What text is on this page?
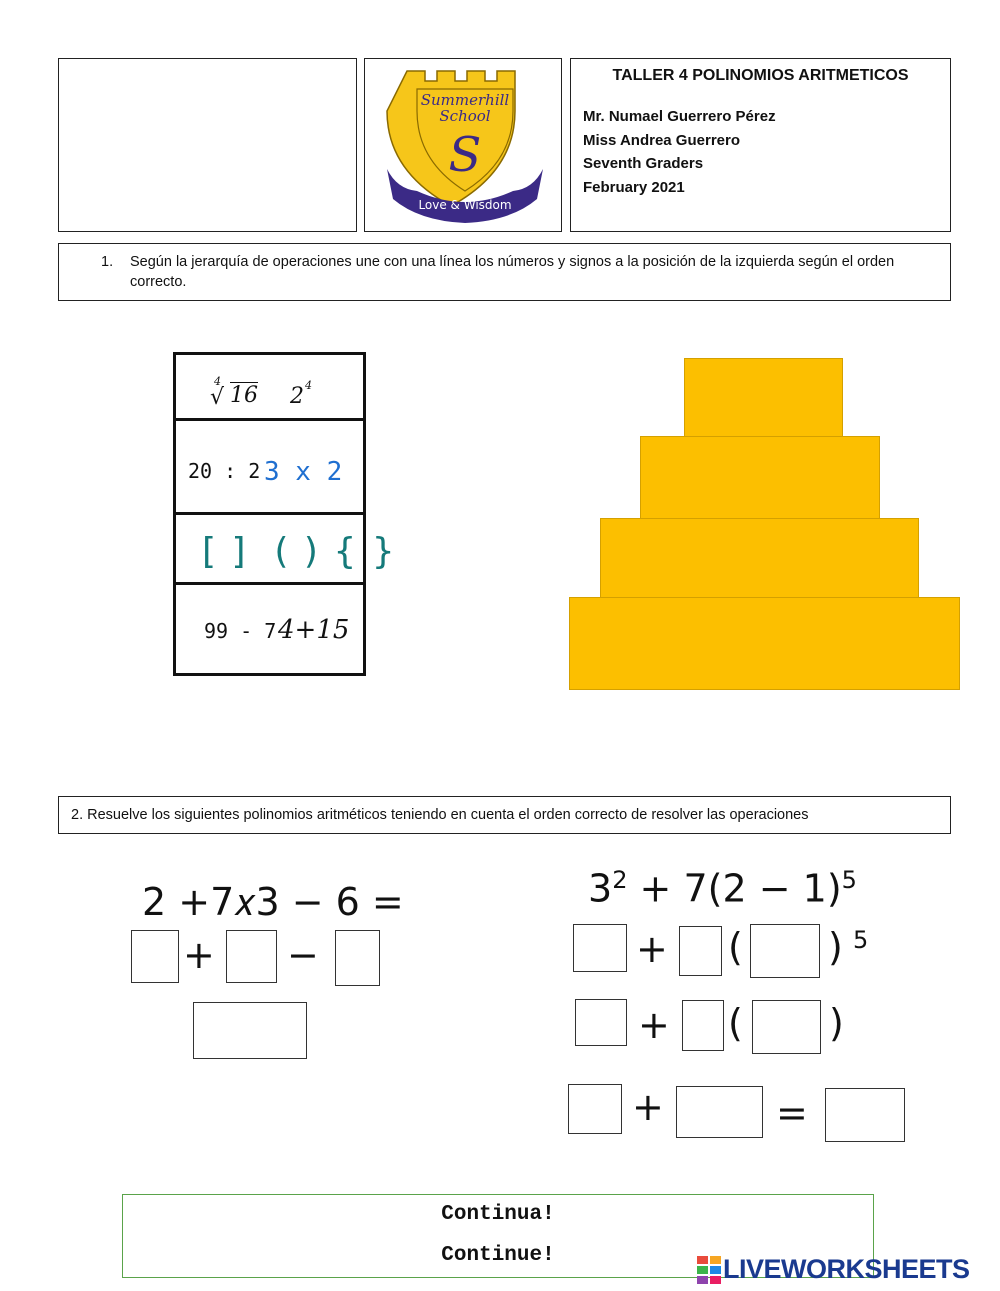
Summerhill
School
S
Love & Wisdom
TALLER 4 POLINOMIOS ARITMETICOS
Mr. Numael Guerrero Pérez
Miss Andrea Guerrero
Seventh Graders
February 2021
1. Según la jerarquía de operaciones une con una línea los números y signos a la posición de la izquierda según el orden correcto.
√
4
16 2 4
20 : 2 3 x 2
[ ]  ( ) { }
99 - 7 4+15
2. Resuelve los siguientes polinomios aritméticos teniendo en cuenta el orden correcto de resolver las operaciones
2 +7𝑥3 − 6 =
+ −
$3^2 + 7(2 - 1)^5$
+ ( ) 5
+ ( )
+	=
Continua!
Continue!	LIVEWORKSHEETS
